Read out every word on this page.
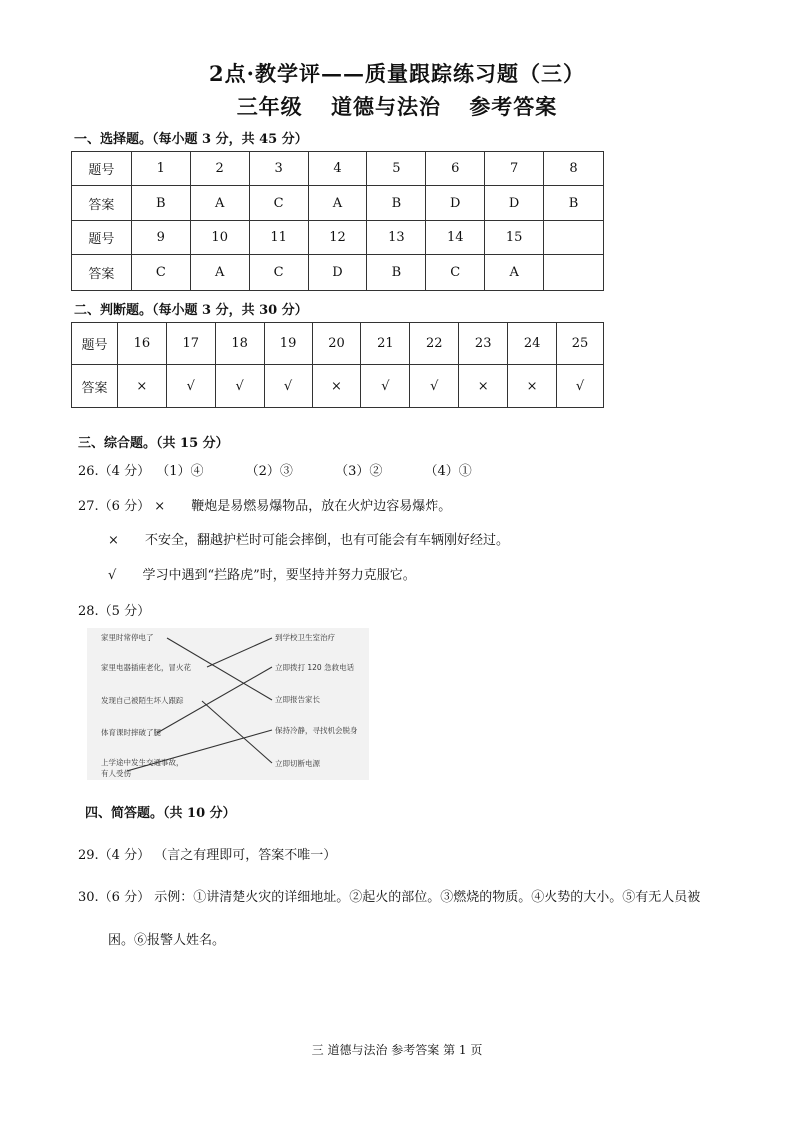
2点·教学评——质量跟踪练习题（三）
三年级 道德与法治 参考答案
一、选择题。（每小题 3 分，共 45 分）
题号	1	2	3	4	5	6	7	8
答案	B	A	C	A	B	D	D	B
题号	9	10	11	12	13	14	15	
答案	C	A	C	D	B	C	A	
二、判断题。（每小题 3 分，共 30 分）
题号	16	17	18	19	20	21	22	23	24	25
答案	×	√	√	√	×	√	√	×	×	√
三、综合题。（共 15 分）
26.（4 分） （1）④	（2）③	（3）②	（4）①
27.（6 分） × 鞭炮是易燃易爆物品，放在火炉边容易爆炸。
× 不安全，翻越护栏时可能会摔倒，也有可能会有车辆刚好经过。
√ 学习中遇到“拦路虎”时，要坚持并努力克服它。
28.（5 分）
家里时常停电了
家里电器插座老化，冒火花
发现自己被陌生坏人跟踪
体育课时摔破了腿
上学途中发生交通事故，有人受伤
到学校卫生室治疗
立即拨打 120 急救电话
立即报告家长
保持冷静，寻找机会脱身
立即切断电源
四、简答题。（共 10 分）
29.（4 分） （言之有理即可，答案不唯一）
30.（6 分） 示例：①讲清楚火灾的详细地址。②起火的部位。③燃烧的物质。④火势的大小。⑤有无人员被
困。⑥报警人姓名。
三 道德与法治 参考答案 第 1 页
